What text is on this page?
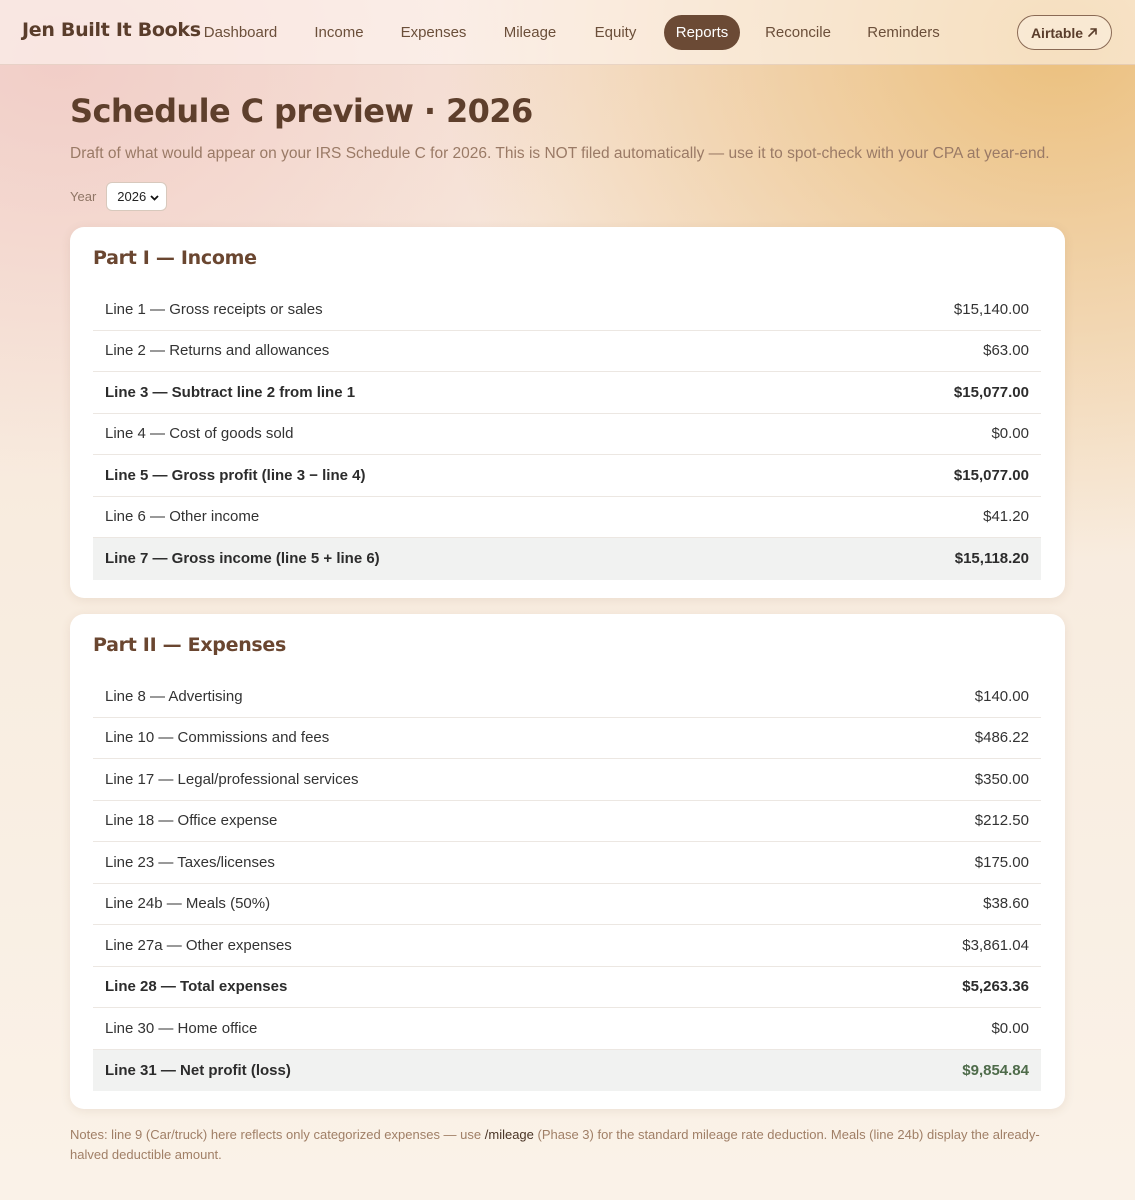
Jen Built It Books Dashboard	Income	Expenses	Mileage	Equity	Reports	Reconcile	Reminders	Airtable
Schedule C preview · 2026

Draft of what would appear on your IRS Schedule C for 2026. This is NOT filed automatically — use it to spot-check with your CPA at year-end.

Year 2026
Part I — Income
Line 1 — Gross receipts or sales	$15,140.00
Line 2 — Returns and allowances	$63.00
Line 3 — Subtract line 2 from line 1	$15,077.00
Line 4 — Cost of goods sold	$0.00
Line 5 — Gross profit (line 3 − line 4)	$15,077.00
Line 6 — Other income	$41.20
Line 7 — Gross income (line 5 + line 6)	$15,118.20
Part II — Expenses
Line 8 — Advertising	$140.00
Line 10 — Commissions and fees	$486.22
Line 17 — Legal/professional services	$350.00
Line 18 — Office expense	$212.50
Line 23 — Taxes/licenses	$175.00
Line 24b — Meals (50%)	$38.60
Line 27a — Other expenses	$3,861.04
Line 28 — Total expenses	$5,263.36
Line 30 — Home office	$0.00
Line 31 — Net profit (loss)	$9,854.84

Notes: line 9 (Car/truck) here reflects only categorized expenses — use /mileage (Phase 3) for the standard mileage rate deduction. Meals (line 24b) display the already-halved deductible amount.
